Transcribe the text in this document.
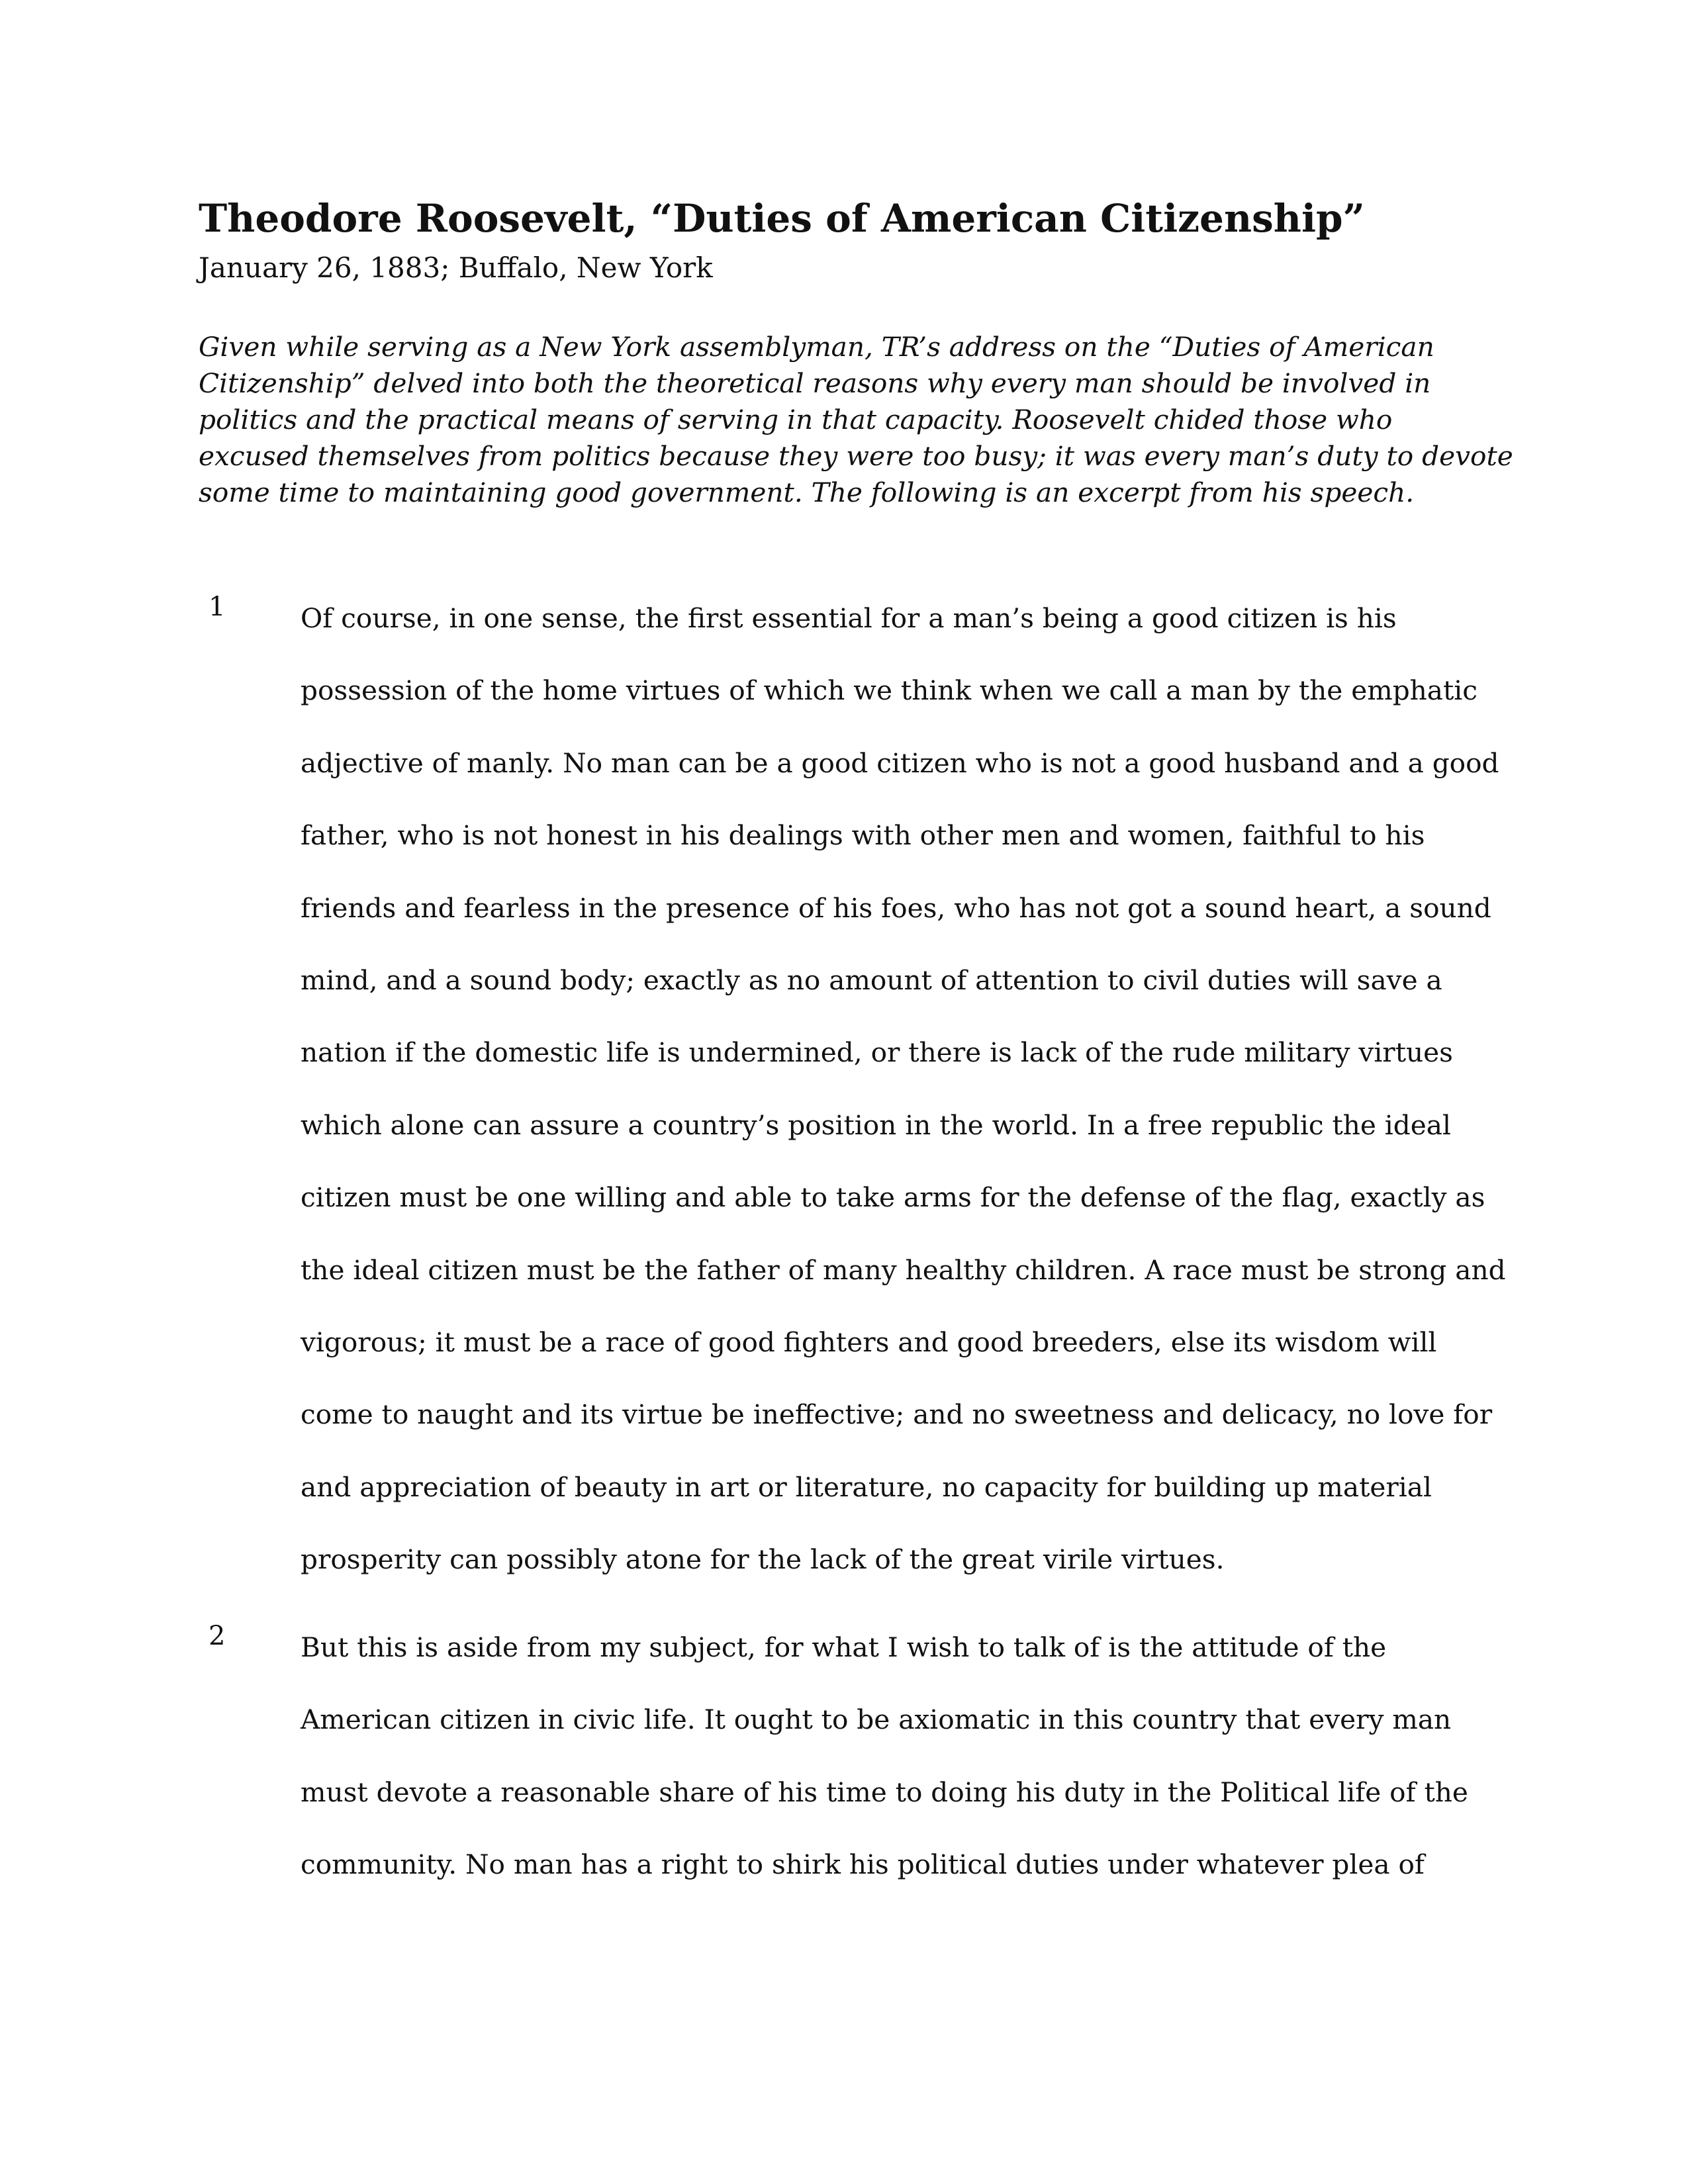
Theodore Roosevelt, “Duties of American Citizenship”
January 26, 1883; Buffalo, New York
Given while serving as a New York assemblyman, TR’s address on the “Duties of American
Citizenship” delved into both the theoretical reasons why every man should be involved in
politics and the practical means of serving in that capacity. Roosevelt chided those who
excused themselves from politics because they were too busy; it was every man’s duty to devote
some time to maintaining good government. The following is an excerpt from his speech.
1	Of course, in one sense, the first essential for a man’s being a good citizen is his
possession of the home virtues of which we think when we call a man by the emphatic
adjective of manly. No man can be a good citizen who is not a good husband and a good
father, who is not honest in his dealings with other men and women, faithful to his
friends and fearless in the presence of his foes, who has not got a sound heart, a sound
mind, and a sound body; exactly as no amount of attention to civil duties will save a
nation if the domestic life is undermined, or there is lack of the rude military virtues
which alone can assure a country’s position in the world. In a free republic the ideal
citizen must be one willing and able to take arms for the defense of the flag, exactly as
the ideal citizen must be the father of many healthy children. A race must be strong and
vigorous; it must be a race of good fighters and good breeders, else its wisdom will
come to naught and its virtue be ineffective; and no sweetness and delicacy, no love for
and appreciation of beauty in art or literature, no capacity for building up material
prosperity can possibly atone for the lack of the great virile virtues.
2	But this is aside from my subject, for what I wish to talk of is the attitude of the
American citizen in civic life. It ought to be axiomatic in this country that every man
must devote a reasonable share of his time to doing his duty in the Political life of the
community. No man has a right to shirk his political duties under whatever plea of
